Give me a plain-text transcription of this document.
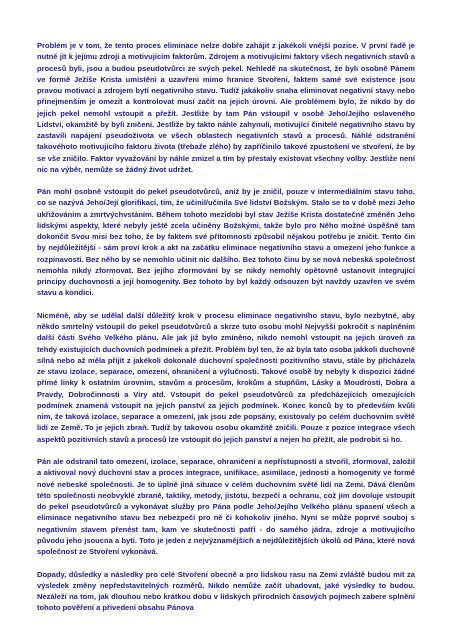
Problém je v tom, že tento proces eliminace nelze dobře zahájit z jakékoli vnější pozice. V první řadě je nutné jít k jejímu zdroji a motivujícím faktorům. Zdrojem a motivujícími faktory všech negativních stavů a procesů byli, jsou a budou pseudotvůrci ze svých pekel. Nehledě na skutečnost, že byli osobně Pánem ve formě Ježíše Krista umístěni a uzavřeni mimo hranice Stvoření, faktem samé své existence jsou pravou motivací a zdrojem bytí negativního stavu. Tudíž jakákoliv snaha eliminovat negativní stavy nebo přinejmenším je omezit a kontrolovat musí začít na jejich úrovni. Ale problémem bylo, že nikdo by do jejich pekel nemohl vstoupit a přežít. Jestliže by tam Pán vstoupil v osobě Jeho/Jejího oslaveného Lidství, okamžitě by byli zničeni. Jestliže by takto náhle zahynuli, motivující činitelé negativního stavu by zastavili napájení pseudoživota ve všech oblastech negativních stavů a procesů. Náhlé odstranění takovéhoto motivujícího faktoru života (třebaže zlého) by zapříčinilo takové zpustošení ve stvoření, že by se vše zničilo. Faktor vyvažování by náhle zmizel a tím by přestaly existovat všechny volby. Jestliže není nic na výběr, nemůže se žádný život udržet.

Pán mohl osobně vstoupit do pekel pseudotvůrců, aniž by je zničil, pouze v intermediálním stavu toho, co se nazývá Jeho/Její glorifikací, tím, že učinil/učinila Své lidství Božským. Stalo se to v době mezi Jeho ukřižováním a zmrtvýchvstáním. Během tohoto mezidobí byl stav Ježíše Krista dostatečně změněn Jeho lidskými aspekty, které nebyly ještě zcela učiněny Božskými, takže bylo pro Něho možné úspěšně tam dokončit Svou misi bez toho, že by faktem své přítomnosti způsobil nějakou potřebu je zničit. Tento čin by nejdůležitější - sám proví krok a akt na začátku eliminace negativního stavu a omezení jeho funkce a rozpínavosti. Bez něho by se nemohlo učinit nic dalšího. Bez tohoto činu by se nová nebeská společnost nemohla nikdy zformovat. Bez jejího zformování by se nikdy nemohly opětovně ustanovit integrující principy duchovnosti a její homogenity. Bez tohoto by byl každý odsouzen být navždy uzavřen ve svém stavu a kondici.

Nicméně, aby se udělal další důležitý krok v procesu eliminace negativního stavu, bylo nezbytné, aby někdo smrtelný vstoupil do pekel pseudotvůrců a skrze tuto osobu mohl Nejvyšší pokročit s naplněním další části Svého Velkého plánu. Ale jak již bylo zmíněno, nikdo nemohl vstoupit na jejich úroveň za tehdy existujících duchovních podmínek a přežít. Problém byl ten, že až byla tato osoba jakkoli duchovně silná nebo až měla přijít z jakékoli dokonalé duchovní společnosti pozitivního stavu, stále by přicházela ze stavu izolace, separace, omezení, ohraničení a výlučnosti. Takové osobě by nebyly k dispozici žádné přímé linky k ostatním úrovním, stavům a procesům, krokům a stupňům, Lásky a Moudrosti, Dobra a Pravdy, Dobročinnosti a Víry atd. Vstoupit do pekel pseudotvůrců za předcházejících omezujících podmínek znamená vstoupit na jejich panství za jejich podmínek. Konec konců by to především kvůli nim, že taková izolace, separace a omezení, jak jsou zde popsány, existovaly po celém duchovním světě lidí ze Země. To je jejich zbraň. Tudíž by takovou osobu okamžitě zničili. Pouze z pozice integrace všech aspektů pozitivních stavů a procesů lze vstoupit do jejich panství a nejen ho přežít, ale podrobit si ho.

Pán ale odstranil tato omezení, izolace, separace, ohraničení a nepřístupnosti a stvořil, zformoval, založil a aktivoval nový duchovní stav a proces integrace, unifikace, asimilace, jednosti a homogenity ve formě nové nebeské společnosti. Je to úplně jiná situace v celém duchovním světě lidí na Zemi. Dává členům této společnosti neobvyklé zbraně, taktiky, metody, jistotu, bezpečí a ochranu, což jim dovoluje vstoupit do pekel pseudotvůrců a vykonávat služby pro Pána podle Jeho/Jejího Velkého plánu spasení všech a eliminace negativního stavu bez nebezpečí pro ně či kohokoliv jiného. Nyní se může poprvé souboj s negativním stavem přenést tam, kam ve skutečnosti patří - do samého jádra, zdroje a motivujícího původu jeho jsoucna a bytí. Toto je jeden z nejvýznamějších a nejdůležitějších úkolů od Pána, které nová společnost ze Stvoření vykonává.

Dopady, důsledky a následky pro celé Stvoření obecně a pro lidskou rasu na Zemi zvláště budou mít za výsledek změny nepředstavitelných rozměrů. Nikdo nemůže začít uhadovat, jaké výsledky to budou. Nezáleží na tom, jak dlouhou nebo krátkou dobu v lidských přírodních časových pojmech zabere splnění tohoto pověření a přivedení obsahu Pánova
